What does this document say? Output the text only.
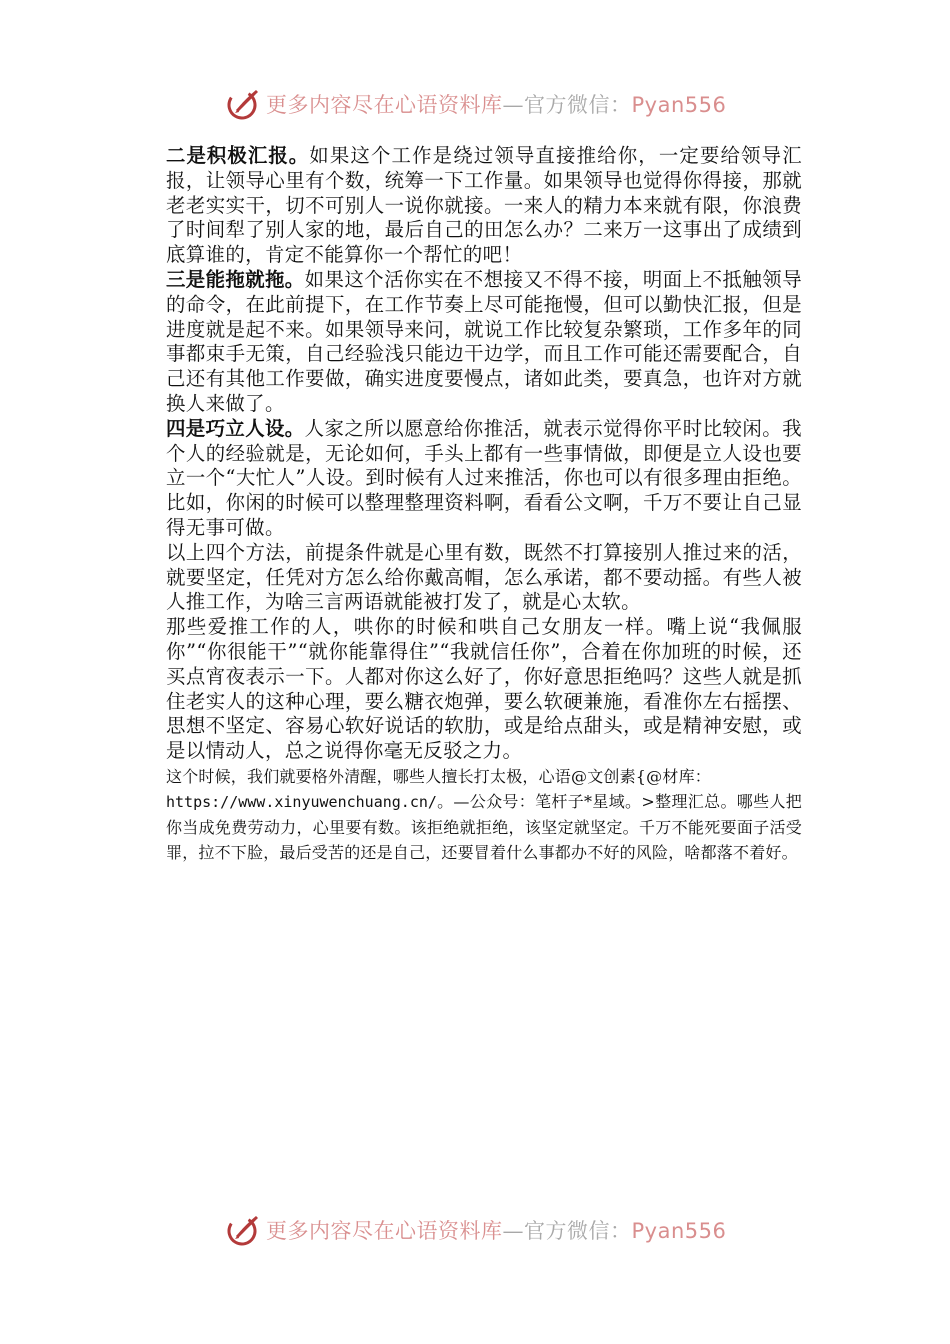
更多内容尽在心语资料库—官方微信：Pyan556

二是积极汇报。如果这个工作是绕过领导直接推给你，一定要给领导汇报，让领导心里有个数，统筹一下工作量。如果领导也觉得你得接，那就老老实实干，切不可别人一说你就接。一来人的精力本来就有限，你浪费了时间犁了别人家的地，最后自己的田怎么办？二来万一这事出了成绩到底算谁的，肯定不能算你一个帮忙的吧！

三是能拖就拖。如果这个活你实在不想接又不得不接，明面上不抵触领导的命令，在此前提下，在工作节奏上尽可能拖慢，但可以勤快汇报，但是进度就是起不来。如果领导来问，就说工作比较复杂繁琐，工作多年的同事都束手无策，自己经验浅只能边干边学，而且工作可能还需要配合，自己还有其他工作要做，确实进度要慢点，诸如此类，要真急，也许对方就换人来做了。

四是巧立人设。人家之所以愿意给你推活，就表示觉得你平时比较闲。我个人的经验就是，无论如何，手头上都有一些事情做，即便是立人设也要立一个“大忙人”人设。到时候有人过来推活，你也可以有很多理由拒绝。比如，你闲的时候可以整理整理资料啊，看看公文啊，千万不要让自己显得无事可做。

以上四个方法，前提条件就是心里有数，既然不打算接别人推过来的活，就要坚定，任凭对方怎么给你戴高帽，怎么承诺，都不要动摇。有些人被人推工作，为啥三言两语就能被打发了，就是心太软。

那些爱推工作的人，哄你的时候和哄自己女朋友一样。嘴上说“我佩服你”“你很能干”“就你能靠得住”“我就信任你”，合着在你加班的时候，还买点宵夜表示一下。人都对你这么好了，你好意思拒绝吗？这些人就是抓住老实人的这种心理，要么糖衣炮弹，要么软硬兼施，看准你左右摇摆、思想不坚定、容易心软好说话的软肋，或是给点甜头，或是精神安慰，或是以情动人，总之说得你毫无反驳之力。

这个时候，我们就要格外清醒，哪些人擅长打太极，心语@文创素{@材库：
https://www.xinyuwenchuang.cn/。—公众号：笔杆子*星域。>整理汇总。哪些人把你当成免费劳动力，心里要有数。该拒绝就拒绝，该坚定就坚定。千万不能死要面子活受罪，拉不下脸，最后受苦的还是自己，还要冒着什么事都办不好的风险，啥都落不着好。

更多内容尽在心语资料库—官方微信：Pyan556
